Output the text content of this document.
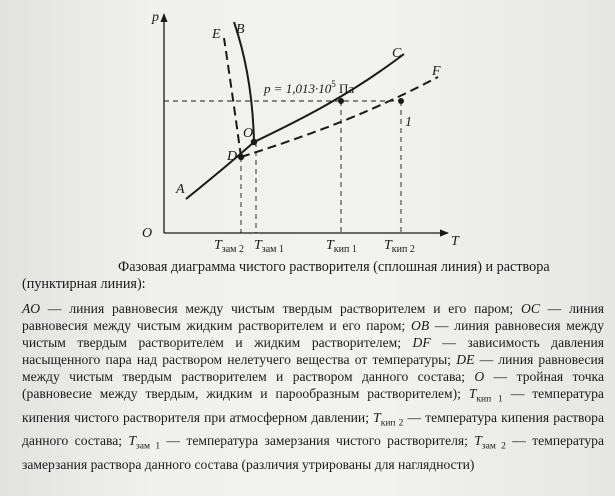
p
T
O
E B
C
F
A
O
D
1
$p = 1,013\cdot 10^5$ Па
$T_{зам 2}$ $T_{зам 1}$	$T_{кип 1}$ $T_{кип 2}$

Фазовая диаграмма чистого растворителя (сплошная линия) и раствора (пунктирная линия):

AO — линия равновесия между чистым твердым растворителем и его паром; OC — линия равновесия между чистым жидким растворителем и его паром; OB — линия равновесия между чистым твердым растворителем и жидким растворителем; DF — зависимость давления насыщенного пара над раствором нелетучего вещества от температуры; DE — линия равновесия между чистым твердым растворителем и раствором данного состава; O — тройная точка (равновесие между твердым, жидким и парообразным растворителем); $T_{кип 1}$ — температура кипения чистого растворителя при атмосферном давлении; $T_{кип 2}$ — температура кипения раствора данного состава; $T_{зам 1}$ — температура замерзания чистого растворителя; $T_{зам 2}$ — температура замерзания раствора данного состава (различия утрированы для наглядности)
